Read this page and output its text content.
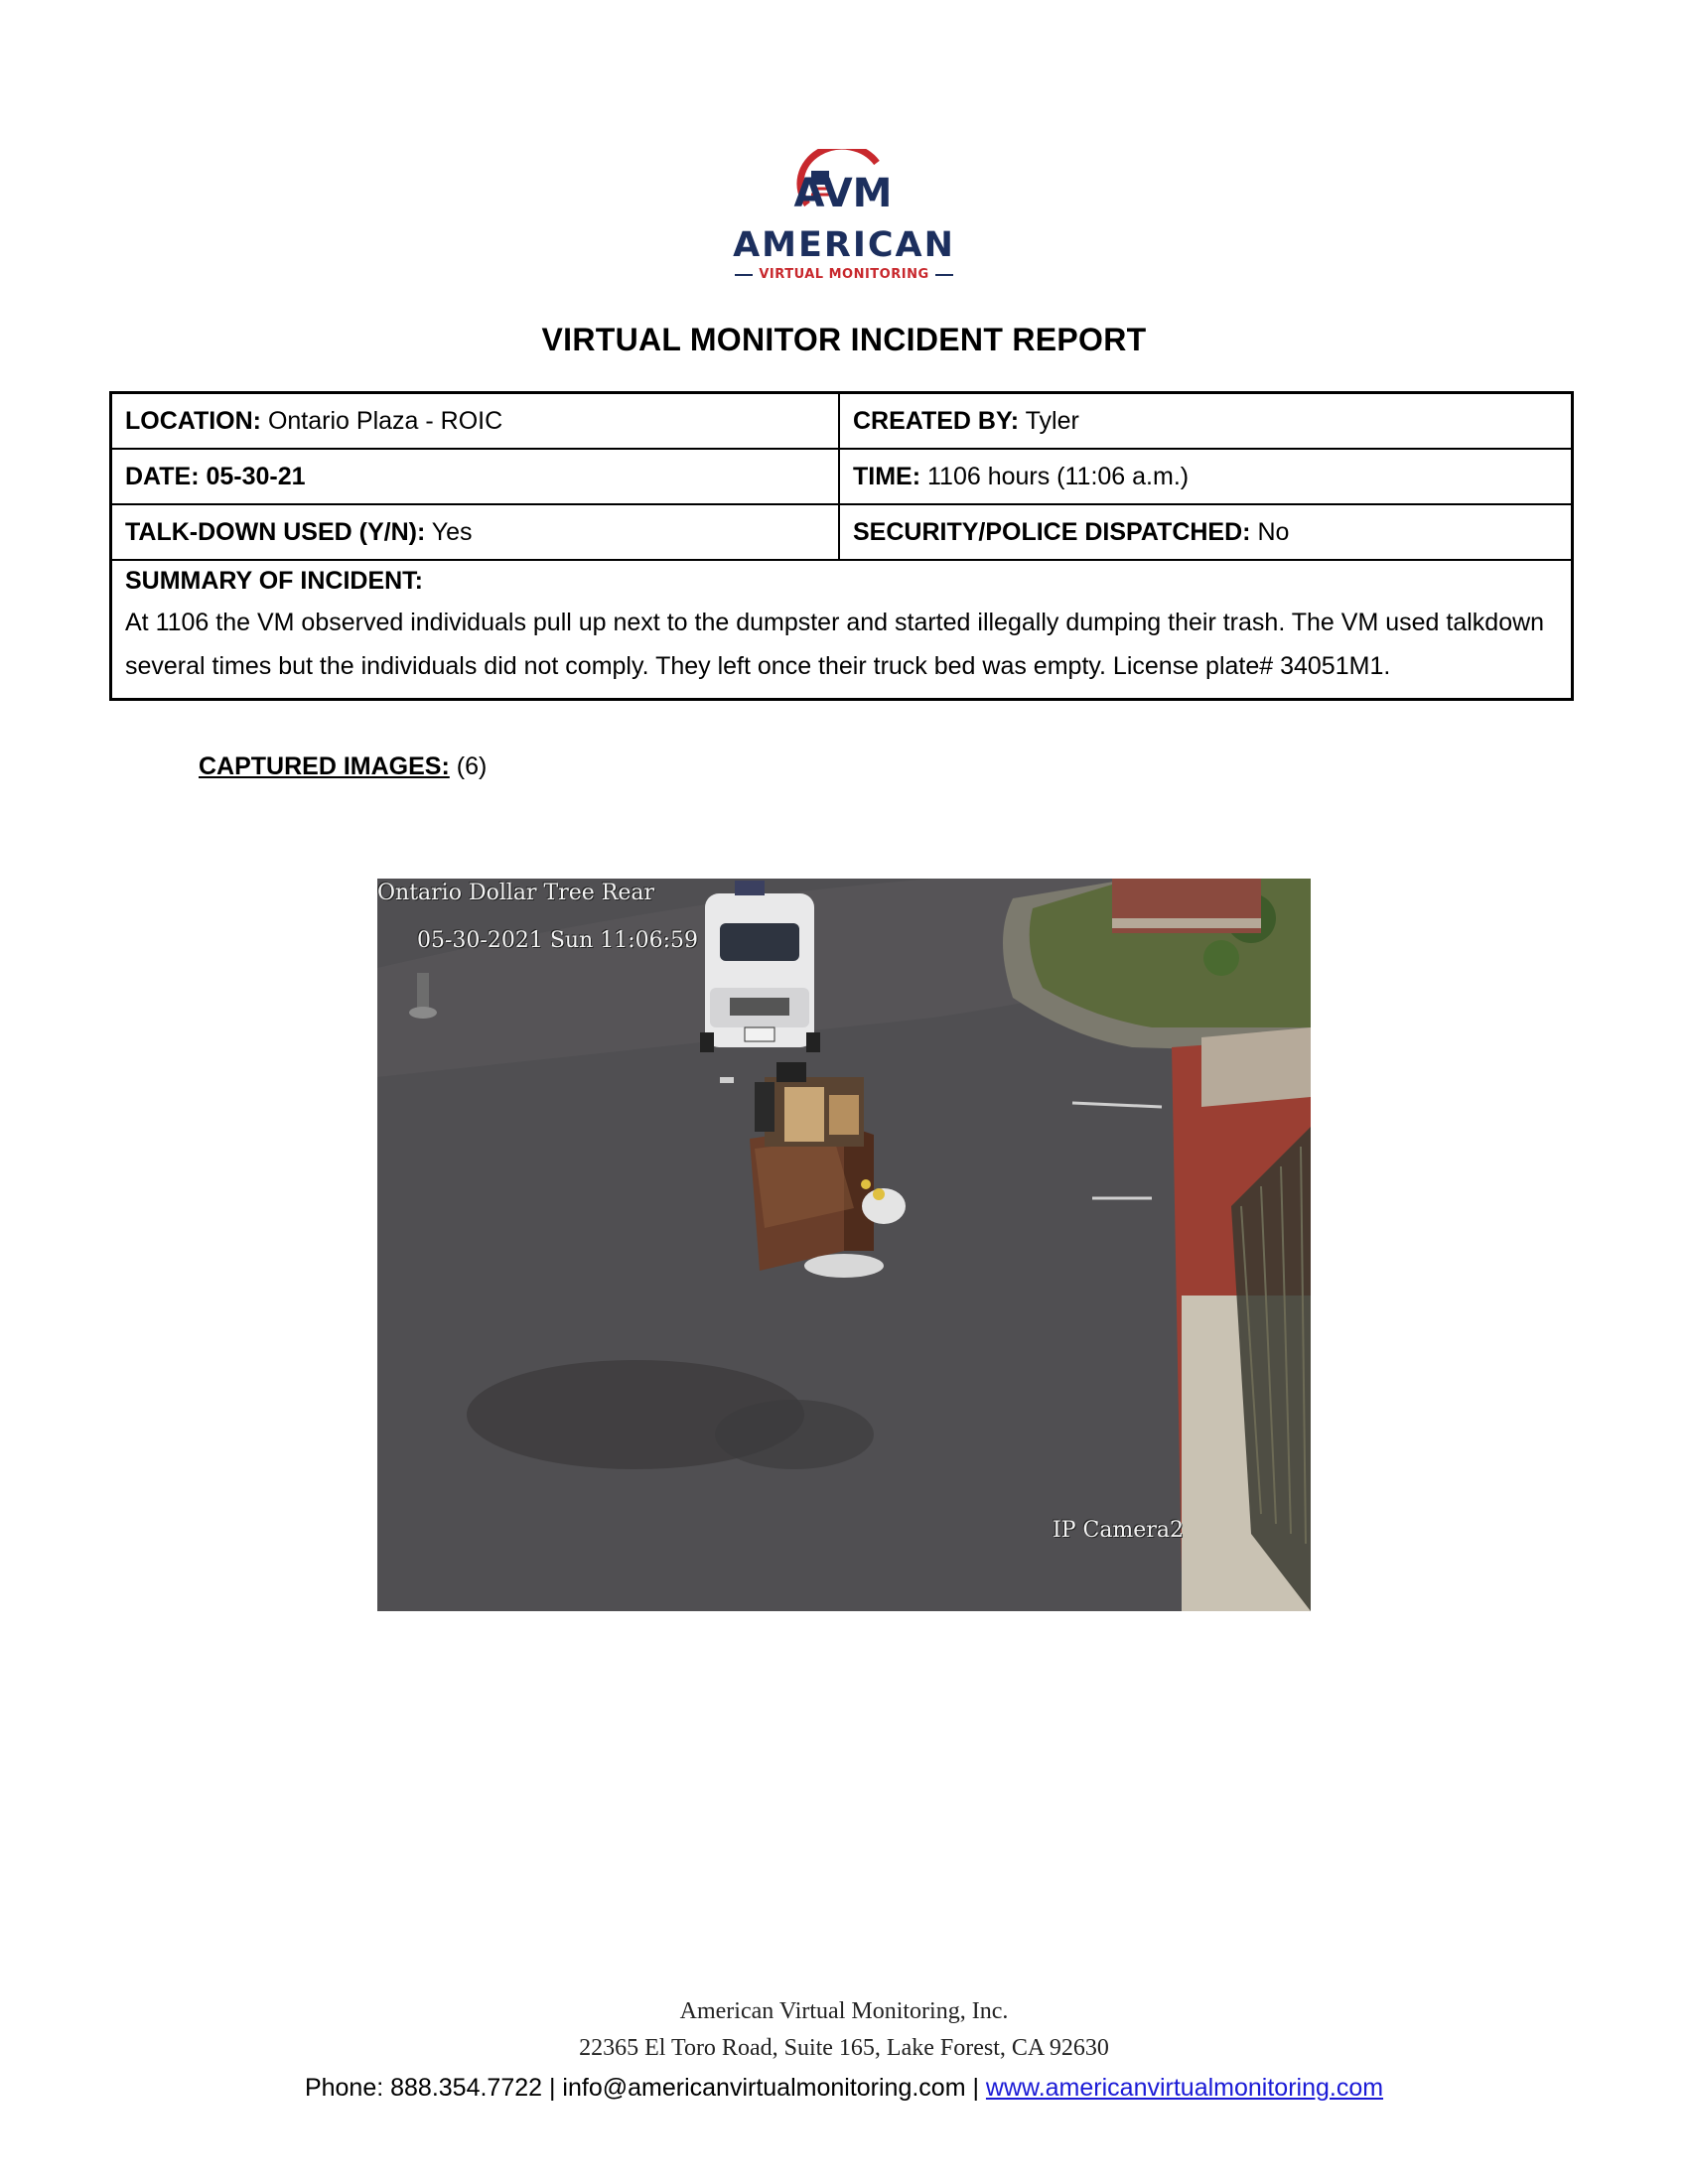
AVM
AMERICAN
VIRTUAL MONITORING
VIRTUAL MONITOR INCIDENT REPORT
LOCATION: Ontario Plaza - ROIC	CREATED BY: Tyler
DATE: 05-30-21	TIME: 1106 hours (11:06 a.m.)
TALK-DOWN USED (Y/N): Yes	SECURITY/POLICE DISPATCHED: No
SUMMARY OF INCIDENT:
At 1106 the VM observed individuals pull up next to the dumpster and started illegally dumping their trash. The VM used talkdown several times but the individuals did not comply. They left once their truck bed was empty. License plate# 34051M1.
CAPTURED IMAGES: (6)
Ontario Dollar Tree Rear
05-30-2021 Sun 11:06:59
IP Camera2
American Virtual Monitoring, Inc.
22365 El Toro Road, Suite 165, Lake Forest, CA 92630
Phone: 888.354.7722 | info@americanvirtualmonitoring.com | www.americanvirtualmonitoring.com
